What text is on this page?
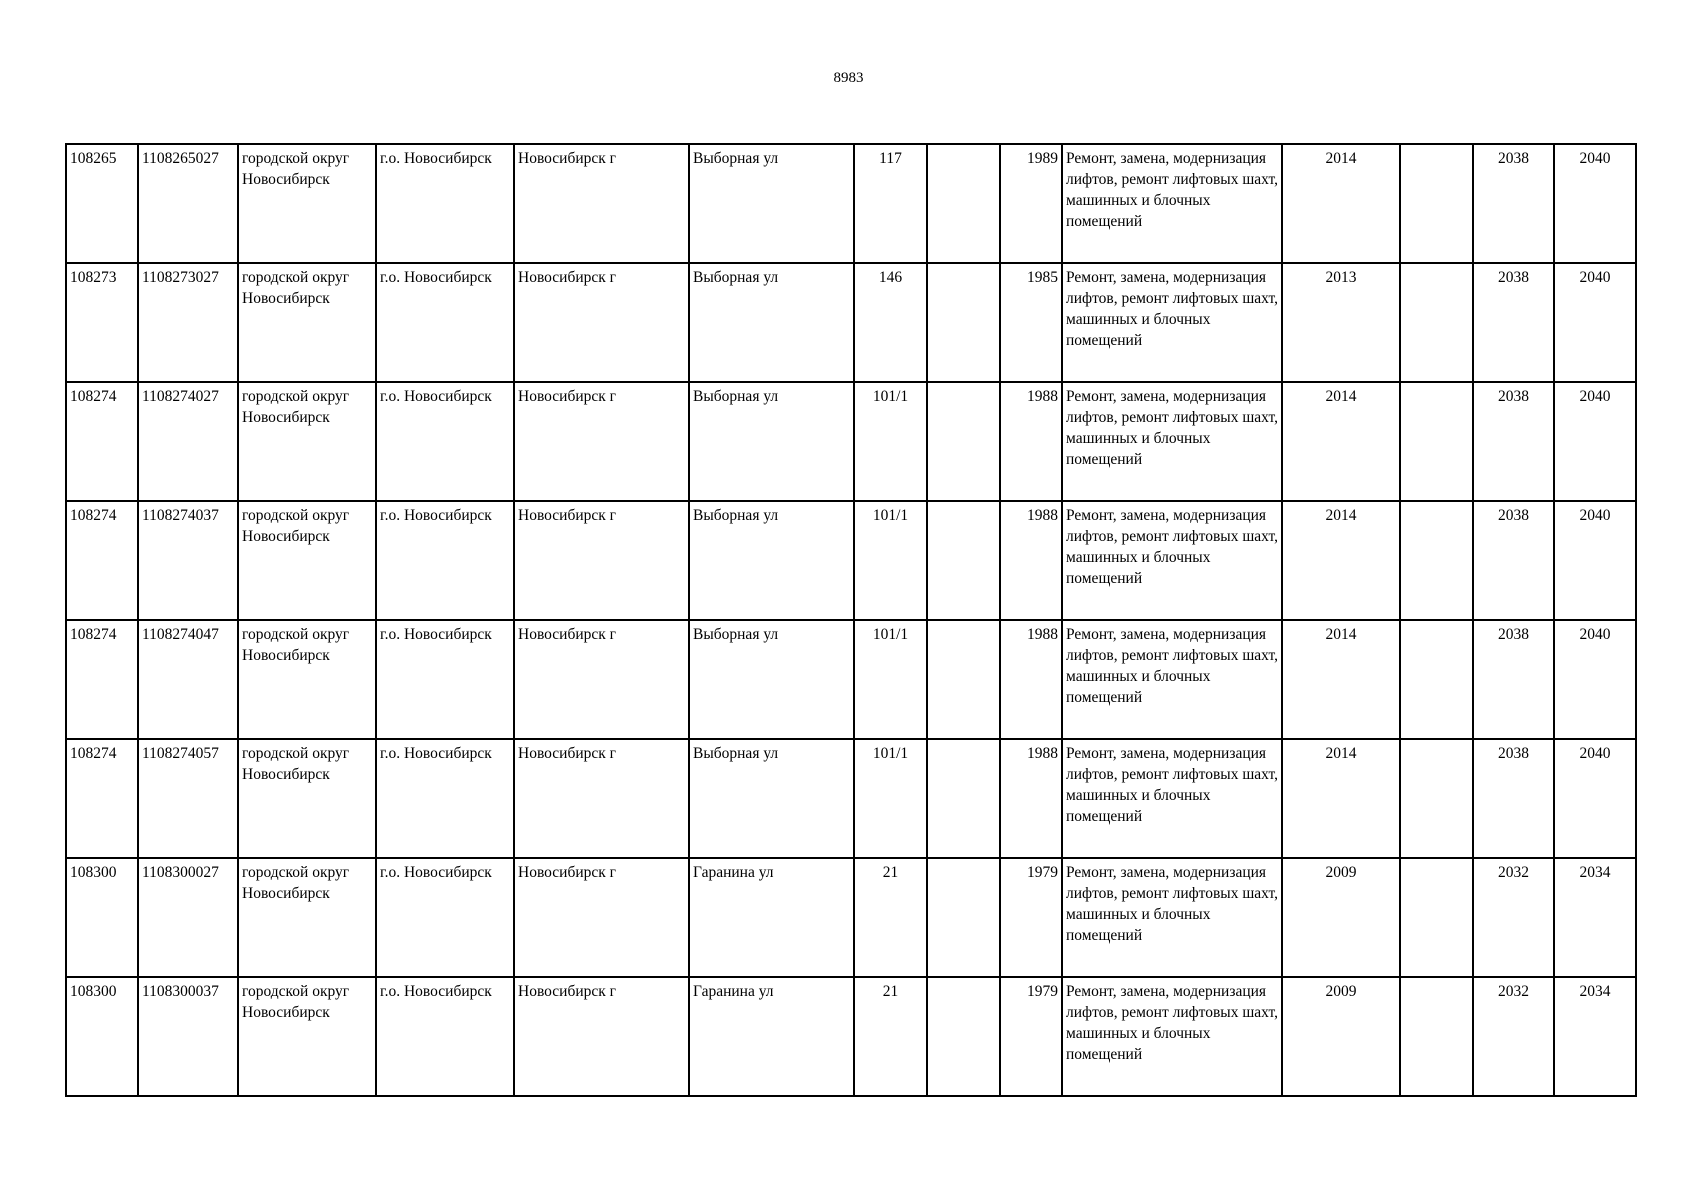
8983
108265	1108265027	городской округ Новосибирск	г.о. Новосибирск	Новосибирск г	Выборная ул	117		1989	Ремонт, замена, модернизация лифтов, ремонт лифтовых шахт, машинных и блочных помещений	2014		2038	2040
108273	1108273027	городской округ Новосибирск	г.о. Новосибирск	Новосибирск г	Выборная ул	146		1985	Ремонт, замена, модернизация лифтов, ремонт лифтовых шахт, машинных и блочных помещений	2013		2038	2040
108274	1108274027	городской округ Новосибирск	г.о. Новосибирск	Новосибирск г	Выборная ул	101/1		1988	Ремонт, замена, модернизация лифтов, ремонт лифтовых шахт, машинных и блочных помещений	2014		2038	2040
108274	1108274037	городской округ Новосибирск	г.о. Новосибирск	Новосибирск г	Выборная ул	101/1		1988	Ремонт, замена, модернизация лифтов, ремонт лифтовых шахт, машинных и блочных помещений	2014		2038	2040
108274	1108274047	городской округ Новосибирск	г.о. Новосибирск	Новосибирск г	Выборная ул	101/1		1988	Ремонт, замена, модернизация лифтов, ремонт лифтовых шахт, машинных и блочных помещений	2014		2038	2040
108274	1108274057	городской округ Новосибирск	г.о. Новосибирск	Новосибирск г	Выборная ул	101/1		1988	Ремонт, замена, модернизация лифтов, ремонт лифтовых шахт, машинных и блочных помещений	2014		2038	2040
108300	1108300027	городской округ Новосибирск	г.о. Новосибирск	Новосибирск г	Гаранина ул	21		1979	Ремонт, замена, модернизация лифтов, ремонт лифтовых шахт, машинных и блочных помещений	2009		2032	2034
108300	1108300037	городской округ Новосибирск	г.о. Новосибирск	Новосибирск г	Гаранина ул	21		1979	Ремонт, замена, модернизация лифтов, ремонт лифтовых шахт, машинных и блочных помещений	2009		2032	2034
